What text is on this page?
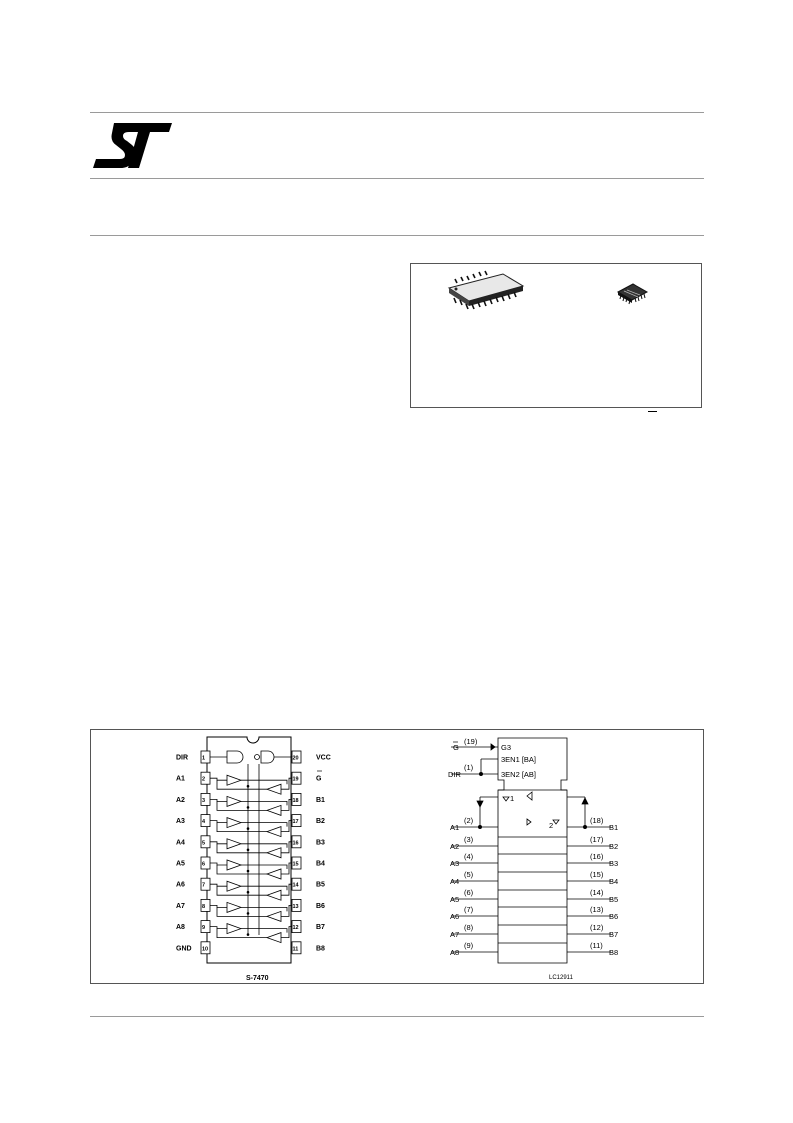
1	20
DIR	VCC
2	19
A1	G
3	18
A2	B1
4	17
A3	B2
5	16
A4	B3
6	15
A5	B4
7	14
A6	B5
8	13
A7	B6
9	12
A8	B7
10	11
GND	B8
S-7470
A1
(2)
B1
(18)
A2
(3)
B2
(17)
A3
(4)
B3
(16)
A4
(5)
B4
(15)
A5
(6)
B5
(14)
A6
(7)
B6
(13)
A7
(8)
B7
(12)
A8
(9)
B8
(11)
G
(19)
DIR
(1)
G3
3EN1 [BA]
3EN2 [AB]
1
2
LC12911
